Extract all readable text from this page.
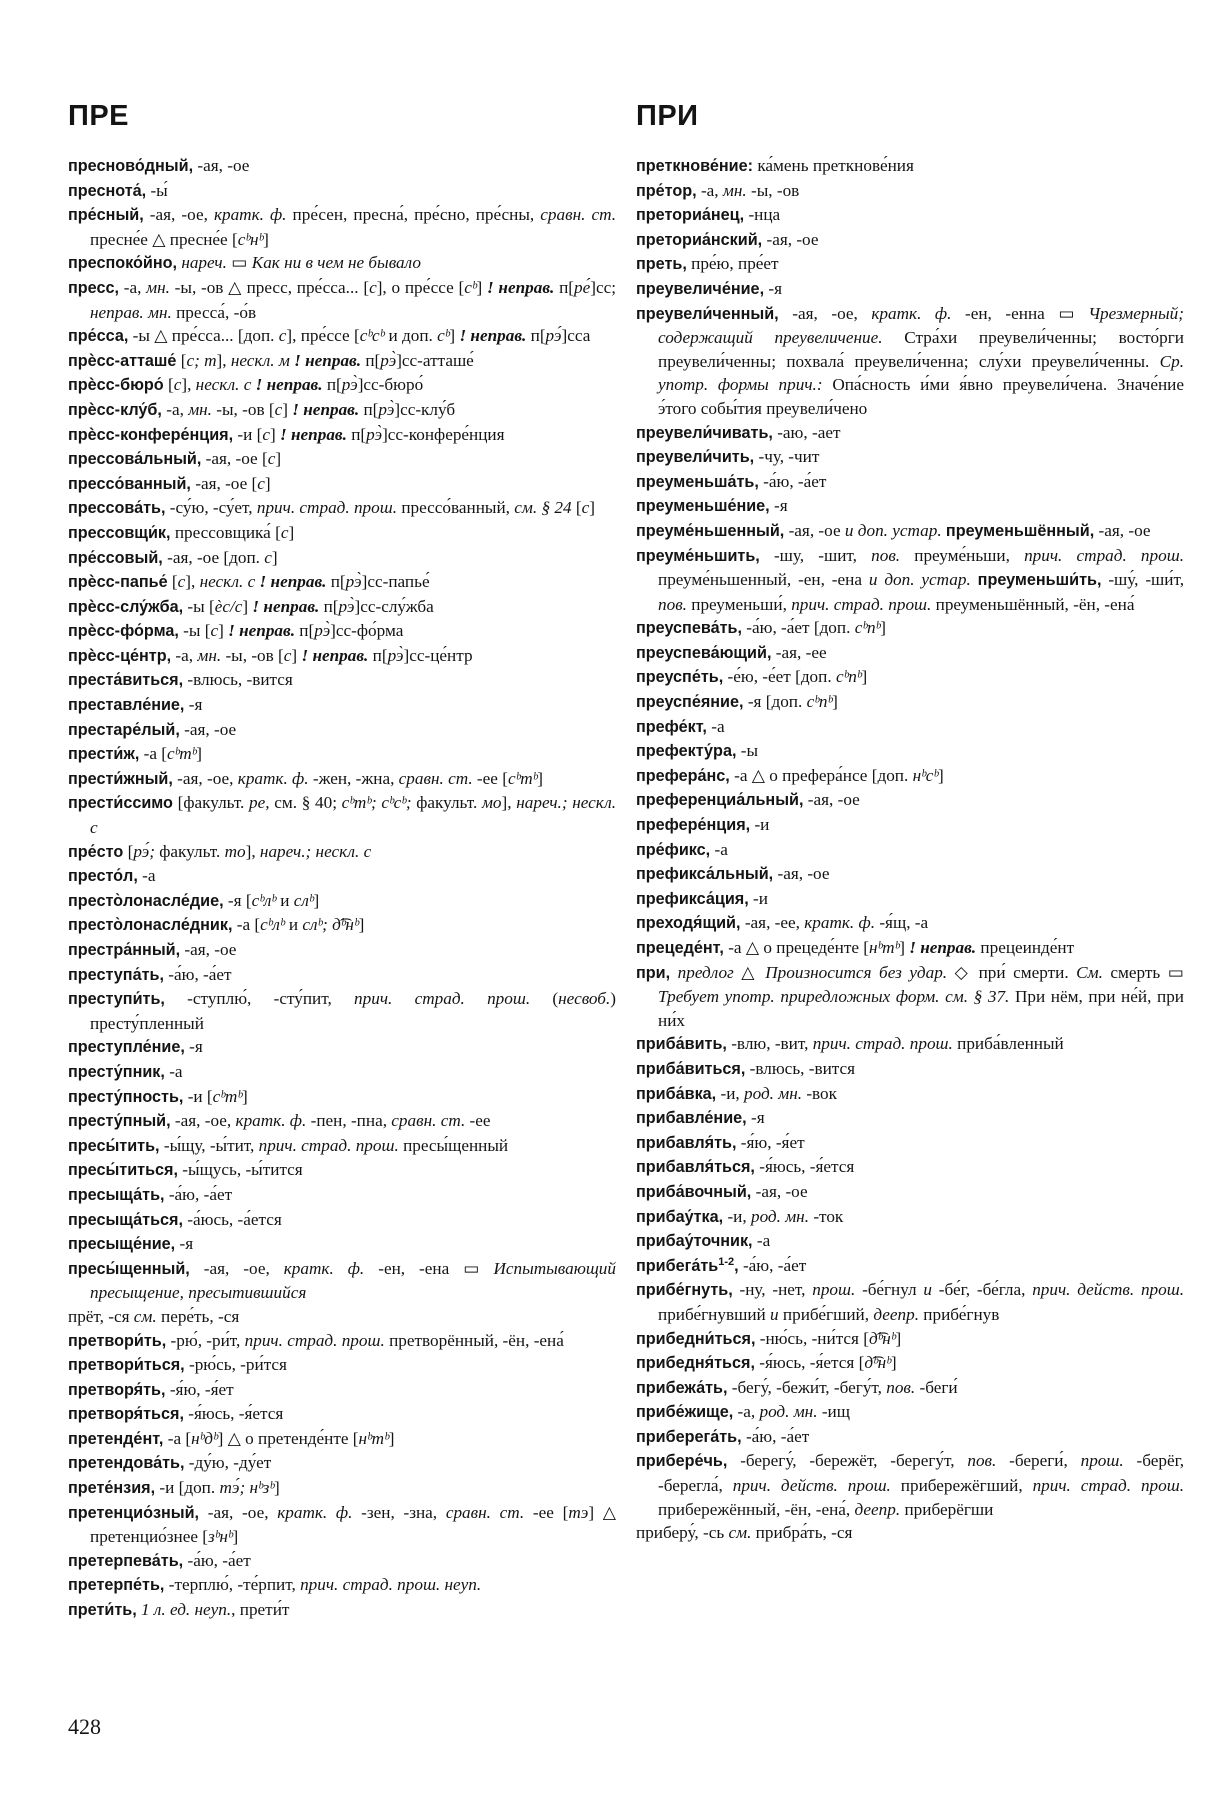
ПРЕ

пресново́дный, -ая, -ое

преснота́, -ы́

пре́сный, -ая, -ое, кратк. ф. пре́сен, пресна́, пре́сно, пре́сны, сравн. ст. пресне́е △ пресне́е [сᵇнᵇ]

преспоко́йно, нареч. ▭ Как ни в чем не бывало

пресс, -а, мн. -ы, -ов △ пресс, пре́сса... [с], о пре́ссе [сᵇ] ! неправ. п[ре́]сс; неправ. мн. пресса́, -о́в

пре́сса, -ы △ пре́сса... [доп. с], пре́ссе [сᵇсᵇ и доп. сᵇ] ! неправ. п[рэ́]сса

прѐсс-атташе́ [с; т], нескл. м ! неправ. п[рэ̀]сс-атташе́

прѐсс-бюро́ [с], нескл. с ! неправ. п[рэ̀]сс-бюро́

прѐсс-клу́б, -а, мн. -ы, -ов [с] ! неправ. п[рэ̀]сс-клу́б

прѐсс-конфере́нция, -и [с] ! неправ. п[рэ̀]сс-конфере́нция

прессова́льный, -ая, -ое [с]

прессо́ванный, -ая, -ое [с]

прессова́ть, -су́ю, -су́ет, прич. страд. прош. прессо́ванный, см. § 24 [с]

прессовщи́к, прессовщика́ [с]

пре́ссовый, -ая, -ое [доп. с]

прѐсс-папье́ [с], нескл. с ! неправ. п[рэ̀]сс-папье́

прѐсс-слу́жба, -ы [ѐс/с] ! неправ. п[рэ̀]сс-слу́жба

прѐсс-фо́рма, -ы [с] ! неправ. п[рэ̀]сс-фо́рма

прѐсс-це́нтр, -а, мн. -ы, -ов [с] ! неправ. п[рэ̀]сс-це́нтр

преста́виться, -влюсь, -вится

преставле́ние, -я

престаре́лый, -ая, -ое

прести́ж, -а [сᵇтᵇ]

прести́жный, -ая, -ое, кратк. ф. -жен, -жна, сравн. ст. -ее [сᵇтᵇ]

прести́ссимо [факульт. ре, см. § 40; сᵇтᵇ; сᵇсᵇ; факульт. мо], нареч.; нескл. с

пре́сто [рэ́; факульт. то], нареч.; нескл. с

престо́л, -а

престо̀лонасле́дие, -я [сᵇлᵇ и слᵇ]

престо̀лонасле́дник, -а [сᵇлᵇ и слᵇ; д͡ᵇнᵇ]

престра́нный, -ая, -ое

преступа́ть, -а́ю, -а́ет

преступи́ть, -ступлю́, -сту́пит, прич. страд. прош. (несвоб.) престу́пленный

преступле́ние, -я

престу́пник, -а

престу́пность, -и [сᵇтᵇ]

престу́пный, -ая, -ое, кратк. ф. -пен, -пна, сравн. ст. -ее

пресы́тить, -ы́щу, -ы́тит, прич. страд. прош. пресы́щенный

пресы́титься, -ы́щусь, -ы́тится

пресыща́ть, -а́ю, -а́ет

пресыща́ться, -а́юсь, -а́ется

пресыще́ние, -я

пресы́щенный, -ая, -ое, кратк. ф. -ен, -ена ▭ Испытывающий пресыщение, пресытившийся

прёт, -ся см. пере́ть, -ся

претвори́ть, -рю́, -ри́т, прич. страд. прош. претворённый, -ён, -ена́

претвори́ться, -рю́сь, -ри́тся

претворя́ть, -я́ю, -я́ет

претворя́ться, -я́юсь, -я́ется

претенде́нт, -а [нᵇдᵇ] △ о претенде́нте [нᵇтᵇ]

претендова́ть, -ду́ю, -ду́ет

прете́нзия, -и [доп. тэ́; нᵇзᵇ]

претенцио́зный, -ая, -ое, кратк. ф. -зен, -зна, сравн. ст. -ее [тэ] △ претенцио́знее [зᵇнᵇ]

претерпева́ть, -а́ю, -а́ет

претерпе́ть, -терплю́, -те́рпит, прич. страд. прош. неуп.

прети́ть, 1 л. ед. неуп., прети́т

ПРИ

преткнове́ние: ка́мень преткнове́ния

пре́тор, -а, мн. -ы, -ов

преториа́нец, -нца

преториа́нский, -ая, -ое

преть, пре́ю, пре́ет

преувеличе́ние, -я

преувели́ченный, -ая, -ое, кратк. ф. -ен, -енна ▭ Чрезмерный; содержащий преувеличение. Стра́хи преувели́ченны; восто́рги преувели́ченны; похвала́ преувели́ченна; слу́хи преувели́ченны. Ср. употр. формы прич.: Опа́сность и́ми я́вно преувели́чена. Значе́ние э́того собы́тия преувели́чено

преувели́чивать, -аю, -ает

преувели́чить, -чу, -чит

преуменьша́ть, -а́ю, -а́ет

преуменьше́ние, -я

преуме́ньшенный, -ая, -ое и доп. устар. преуменьшённый, -ая, -ое

преуме́ньшить, -шу, -шит, пов. преуме́ньши, прич. страд. прош. преуме́ньшенный, -ен, -ена и доп. устар. преуменьши́ть, -шу́, -ши́т, пов. преуменьши́, прич. страд. прош. преуменьшённый, -ён, -ена́

преуспева́ть, -а́ю, -а́ет [доп. сᵇпᵇ]

преуспева́ющий, -ая, -ее

преуспе́ть, -е́ю, -е́ет [доп. сᵇпᵇ]

преуспе́яние, -я [доп. сᵇпᵇ]

префе́кт, -а

префекту́ра, -ы

префера́нс, -а △ о префера́нсе [доп. нᵇсᵇ]

преференциа́льный, -ая, -ое

префере́нция, -и

пре́фикс, -а

префикса́льный, -ая, -ое

префикса́ция, -и

преходя́щий, -ая, -ее, кратк. ф. -я́щ, -а

прецеде́нт, -а △ о прецеде́нте [нᵇтᵇ] ! неправ. прецеинде́нт

при, предлог △ Произносится без удар. ◇ при́ смерти. См. смерть ▭ Требует употр. приредложных форм. см. § 37. При нём, при не́й, при ни́х

приба́вить, -влю, -вит, прич. страд. прош. приба́вленный

приба́виться, -влюсь, -вится

приба́вка, -и, род. мн. -вок

прибавле́ние, -я

прибавля́ть, -я́ю, -я́ет

прибавля́ться, -я́юсь, -я́ется

приба́вочный, -ая, -ое

прибау́тка, -и, род. мн. -ток

прибау́точник, -а

$прибега́ть^{1-2}$, -а́ю, -а́ет

прибе́гнуть, -ну, -нет, прош. -бе́гнул и -бе́г, -бе́гла, прич. действ. прош. прибе́гнувший и прибе́гший, деепр. прибе́гнув

прибедни́ться, -ню́сь, -ни́тся [д͡ᵇнᵇ]

прибедня́ться, -я́юсь, -я́ется [д͡ᵇнᵇ]

прибежа́ть, -бегу́, -бежи́т, -бегу́т, пов. -беги́

прибе́жище, -а, род. мн. -ищ

приберега́ть, -а́ю, -а́ет

прибере́чь, -берегу́, -бережёт, -берегу́т, пов. -береги́, прош. -берёг, -берегла́, прич. действ. прош. прибережёгший, прич. страд. прош. прибережённый, -ён, -ена́, деепр. приберёгши

приберу́, -сь см. прибра́ть, -ся

428
